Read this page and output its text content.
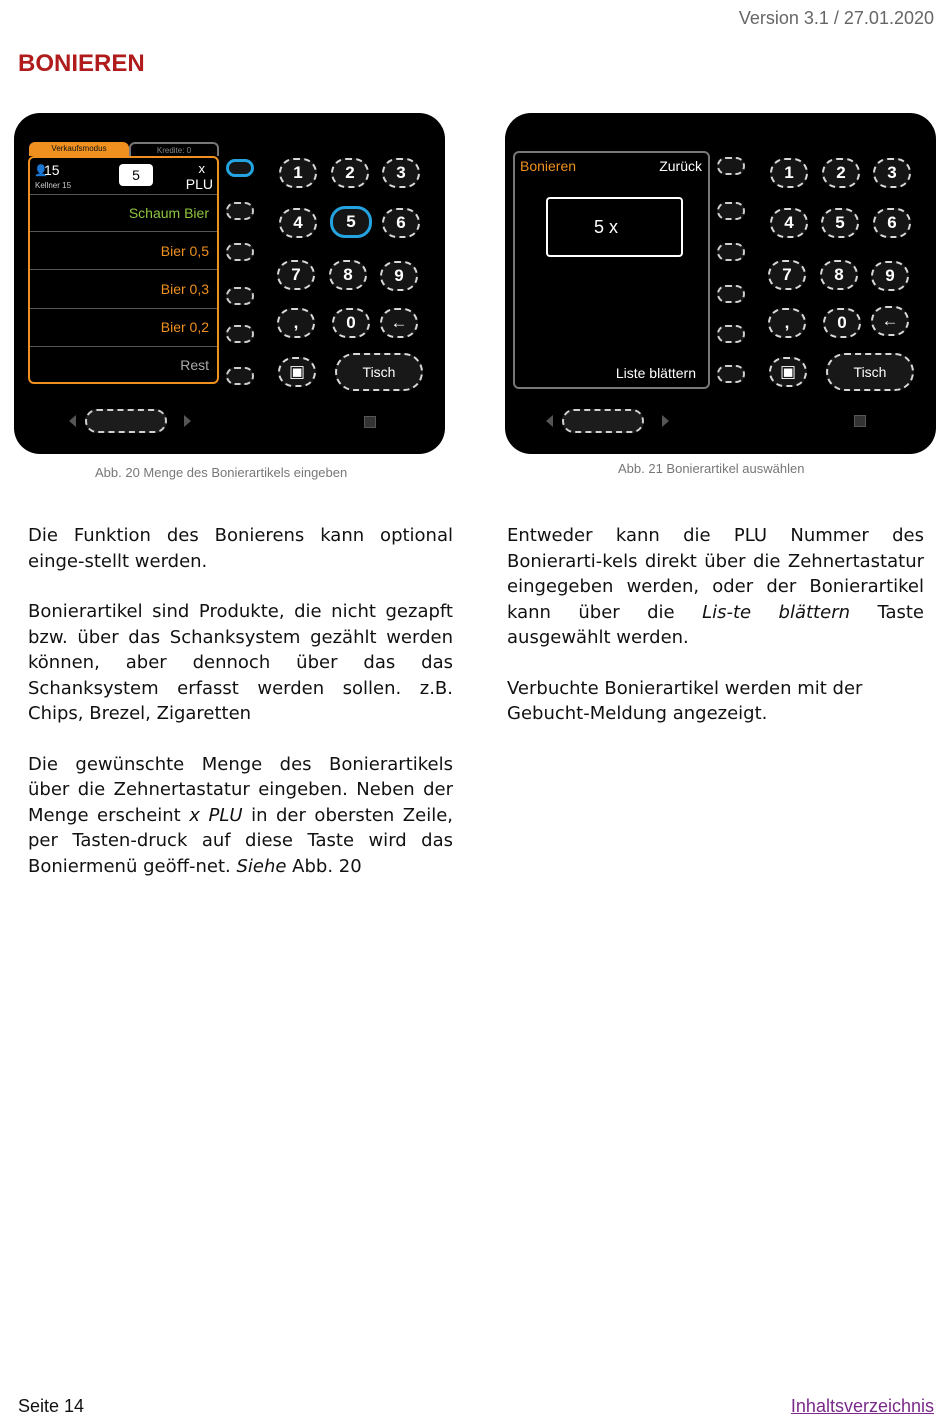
Version 3.1 / 27.01.2020
BONIEREN
Verkaufsmodus	Kredite: 0
👤
15
Kellner 15
5	x
PLU
Schaum Bier
Bier 0,5
Bier 0,3
Bier 0,2
Rest
1	2	3
4	5	6
7	8	9
,	0	←
▣	Tisch
Abb. 20 Menge des Bonierartikels eingeben
Bonieren	Zurück
5 x
Liste blättern
1	2	3
4	5	6
7	8	9
,	0	←
▣	Tisch
Abb. 21 Bonierartikel auswählen

Die Funktion des Bonierens kann optional einge-stellt werden.

Bonierartikel sind Produkte, die nicht gezapft bzw. über das Schanksystem gezählt werden können, aber dennoch über das das Schanksystem erfasst werden sollen. z.B. Chips, Brezel, Zigaretten

Die gewünschte Menge des Bonierartikels über die Zehnertastatur eingeben. Neben der Menge erscheint x PLU in der obersten Zeile, per Tasten-druck auf diese Taste wird das Boniermenü geöff-net. Siehe Abb. 20

Entweder kann die PLU Nummer des Bonierarti-kels direkt über die Zehnertastatur eingegeben werden, oder der Bonierartikel kann über die Lis-te blättern Taste ausgewählt werden.

Verbuchte Bonierartikel werden mit der Gebucht-Meldung angezeigt.

Seite 14	Inhaltsverzeichnis
